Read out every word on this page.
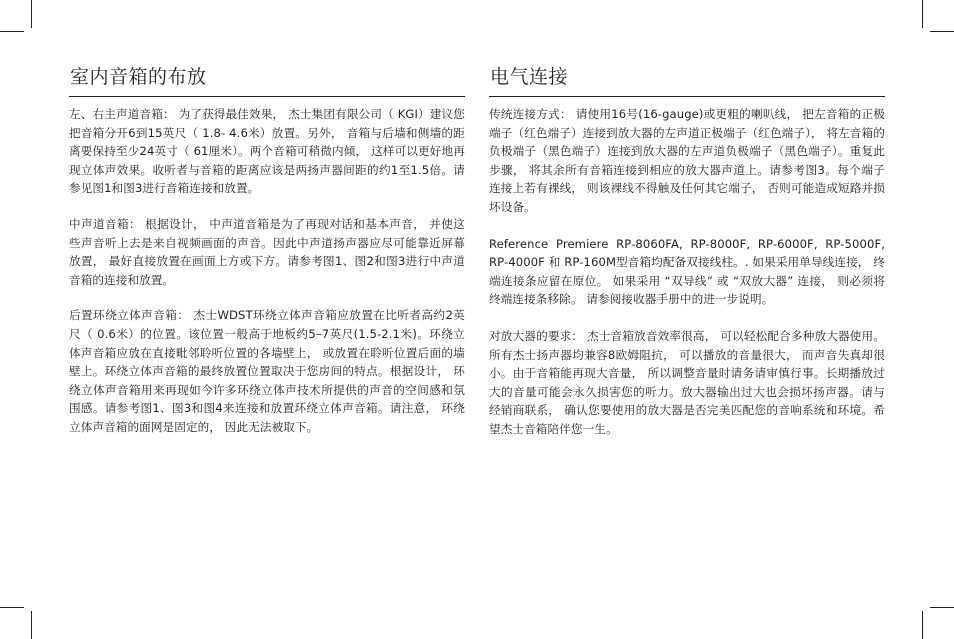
室内音箱的布放

左、右主声道音箱： 为了获得最佳效果， 杰士集团有限公司（ KGI）建议您把音箱分开6到15英尺（ 1.8- 4.6米）放置。另外， 音箱与后墙和侧墙的距离要保持至少24英寸（ 61厘米）。两个音箱可稍微内倾， 这样可以更好地再现立体声效果。收听者与音箱的距离应该是两扬声器间距的约1至1.5倍。请参见图1和图3进行音箱连接和放置。

中声道音箱： 根据设计， 中声道音箱是为了再现对话和基本声音， 并使这些声音听上去是来自视频画面的声音。因此中声道扬声器应尽可能靠近屏幕放置， 最好直接放置在画面上方或下方。请参考图1、图2和图3进行中声道音箱的连接和放置。

后置环绕立体声音箱： 杰士WDST环绕立体声音箱应放置在比听者高约2英尺（ 0.6米）的位置。该位置一般高于地板约5–7英尺(1.5-2.1米)。环绕立体声音箱应放在直接毗邻聆听位置的各墙壁上， 或放置在聆听位置后面的墙壁上。环绕立体声音箱的最终放置位置取决于您房间的特点。根据设计， 环绕立体声音箱用来再现如今许多环绕立体声技术所提供的声音的空间感和氛围感。请参考图1、图3和图4来连接和放置环绕立体声音箱。请注意， 环绕立体声音箱的面网是固定的， 因此无法被取下。

电气连接

传统连接方式： 请使用16号(16-gauge)或更粗的喇叭线， 把左音箱的正极端子（红色端子）连接到放大器的左声道正极端子（红色端子）， 将左音箱的负极端子（黑色端子）连接到放大器的左声道负极端子（黑色端子）。重复此步骤， 将其余所有音箱连接到相应的放大器声道上。请参考图3。每个端子连接上若有裸线， 则该裸线不得触及任何其它端子， 否则可能造成短路并损坏设备。

Reference Premiere RP-8060FA, RP-8000F, RP-6000F, RP-5000F, RP-4000F 和 RP-160M型音箱均配备双接线柱。. 如果采用单导线连接， 终端连接条应留在原位。 如果采用 “双导线” 或 “双放大器” 连接， 则必须将终端连接条移除。 请参阅接收器手册中的进一步说明。

对放大器的要求： 杰士音箱放音效率很高， 可以轻松配合多种放大器使用。所有杰士扬声器均兼容8欧姆阻抗， 可以播放的音量很大， 而声音失真却很小。由于音箱能再现大音量， 所以调整音量时请务请审慎行事。长期播放过大的音量可能会永久损害您的听力。放大器输出过大也会损坏扬声器。请与经销商联系， 确认您要使用的放大器是否完美匹配您的音响系统和环境。希望杰士音箱陪伴您一生。
